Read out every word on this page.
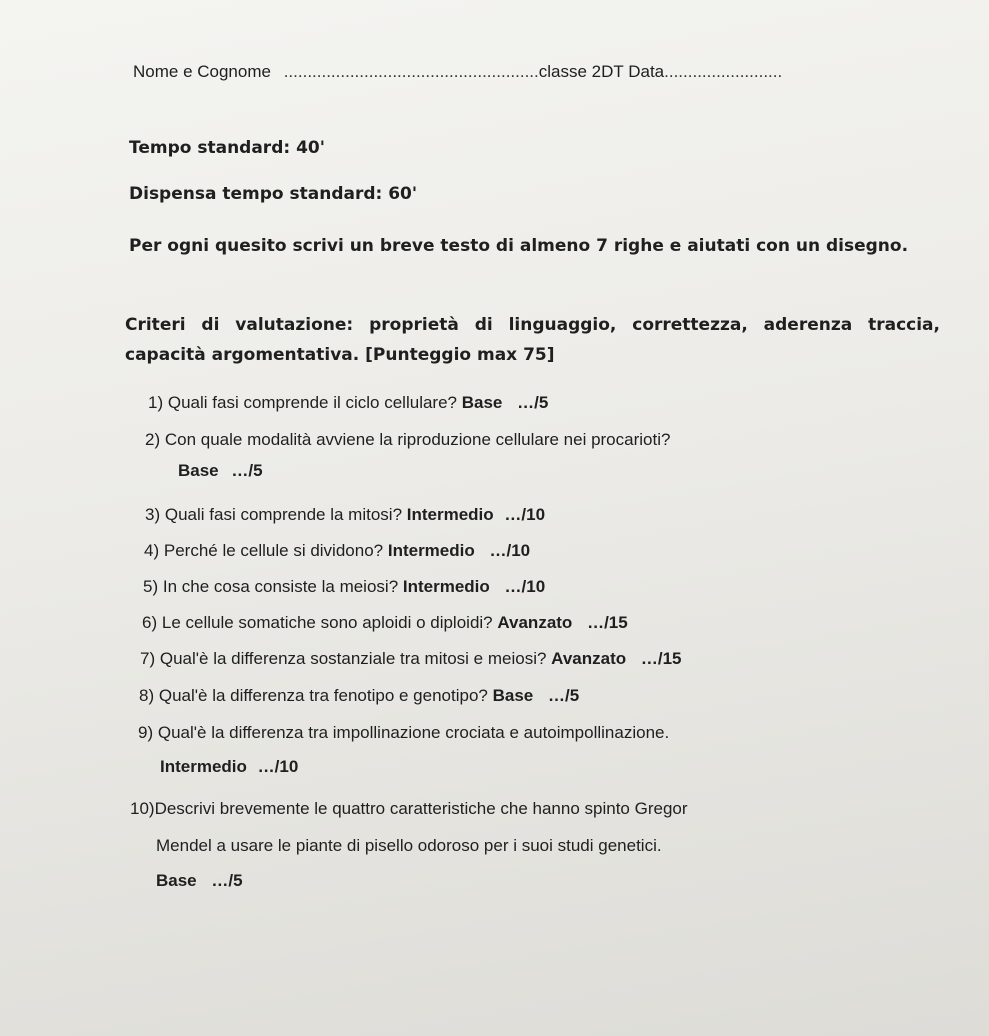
Nome e Cognome ......................................................classe 2DT Data.........................
Tempo standard: 40'
Dispensa tempo standard: 60'
Per ogni quesito scrivi un breve testo di almeno 7 righe e aiutati con un disegno.
Criteri di valutazione: proprietà di linguaggio, correttezza, aderenza traccia, capacità argomentativa. [Punteggio max 75]
1) Quali fasi comprende il ciclo cellulare? Base …/5
2) Con quale modalità avviene la riproduzione cellulare nei procarioti?
Base …/5
3) Quali fasi comprende la mitosi? Intermedio …/10
4) Perché le cellule si dividono? Intermedio …/10
5) In che cosa consiste la meiosi? Intermedio …/10
6) Le cellule somatiche sono aploidi o diploidi? Avanzato …/15
7) Qual'è la differenza sostanziale tra mitosi e meiosi? Avanzato …/15
8) Qual'è la differenza tra fenotipo e genotipo? Base …/5
9) Qual'è la differenza tra impollinazione crociata e autoimpollinazione.
Intermedio …/10
10)Descrivi brevemente le quattro caratteristiche che hanno spinto Gregor
Mendel a usare le piante di pisello odoroso per i suoi studi genetici.
Base …/5
